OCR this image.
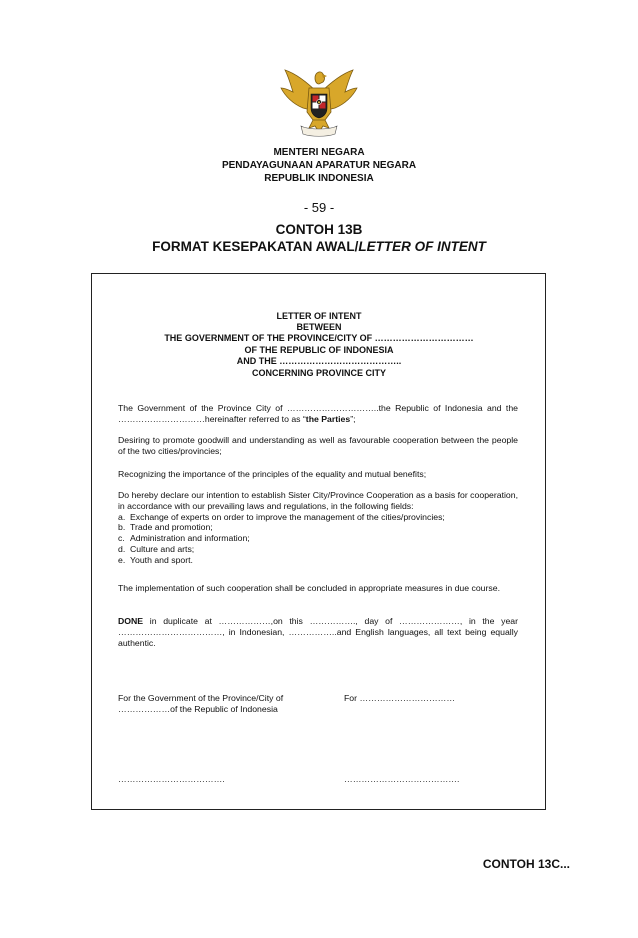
MENTERI NEGARA
PENDAYAGUNAAN APARATUR NEGARA
REPUBLIK INDONESIA
- 59 -
CONTOH 13B
FORMAT KESEPAKATAN AWAL/LETTER OF INTENT
LETTER OF INTENT
BETWEEN
THE GOVERNMENT OF THE PROVINCE/CITY OF ……………………………
OF THE REPUBLIC OF INDONESIA
AND THE …………………………………..
CONCERNING PROVINCE CITY
The Government of the Province City of …………………………..the Republic of Indonesia and the …………………………hereinafter referred to as “the Parties”;
Desiring to promote goodwill and understanding as well as favourable cooperation between the people of the two cities/provincies;
Recognizing the importance of the principles of the equality and mutual benefits;
Do hereby declare our intention to establish Sister City/Province Cooperation as a basis for cooperation, in accordance with our prevailing laws and regulations, in the following fields:
a. Exchange of experts on order to improve the management of the cities/provincies;
b. Trade and promotion;
c. Administration and information;
d. Culture and arts;
e. Youth and sport.
The implementation of such cooperation shall be concluded in appropriate measures in due course.
DONE in duplicate at ………………,on this ……………., day of …………………, in the year ………………………………, in Indonesian, ……………..and English languages, all text being equally authentic.
For the Government of the Province/City of
………………of the Republic of Indonesia
For ……………………………
……………………………….	………………………………….
CONTOH 13C...
